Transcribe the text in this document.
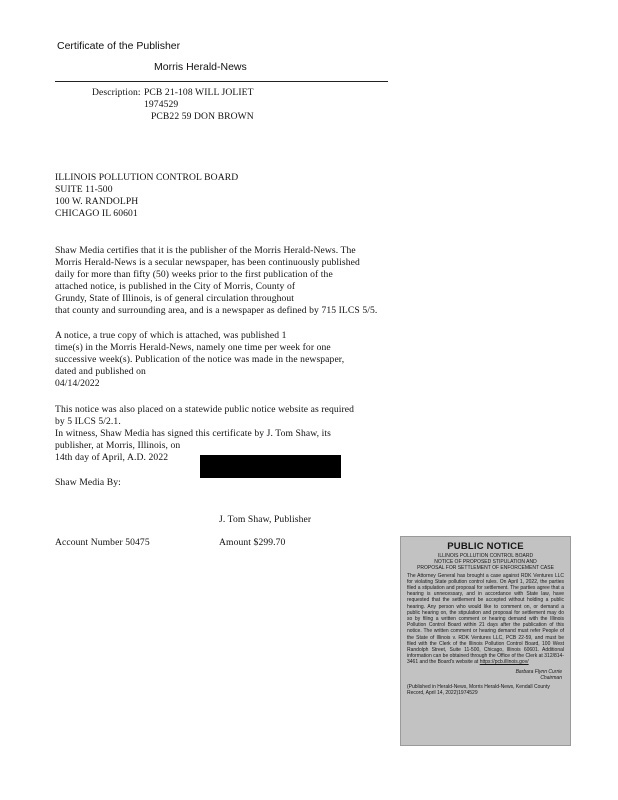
Certificate of the Publisher
Morris Herald-News
Description: PCB 21-108 WILL JOLIET
1974529
PCB22 59 DON BROWN
ILLINOIS POLLUTION CONTROL BOARD
SUITE 11-500
100 W. RANDOLPH
CHICAGO IL 60601
Shaw Media certifies that it is the publisher of the Morris Herald-News. The
Morris Herald-News is a secular newspaper, has been continuously published
daily for more than fifty (50) weeks prior to the first publication of the
attached notice, is published in the City of Morris, County of
Grundy, State of Illinois, is of general circulation throughout
that county and surrounding area, and is a newspaper as defined by 715 ILCS 5/5.
A notice, a true copy of which is attached, was published 1
time(s) in the Morris Herald-News, namely one time per week for one
successive week(s). Publication of the notice was made in the newspaper,
dated and published on
04/14/2022
This notice was also placed on a statewide public notice website as required
by 5 ILCS 5/2.1.
In witness, Shaw Media has signed this certificate by J. Tom Shaw, its
publisher, at Morris, Illinois, on
14th day of April, A.D. 2022
Shaw Media By:
J. Tom Shaw, Publisher
Account Number 50475	Amount $299.70	PUBLIC NOTICE
ILLINOIS POLLUTION CONTROL BOARD
NOTICE OF PROPOSED STIPULATION AND
PROPOSAL FOR SETTLEMENT OF ENFORCEMENT CASE
The Attorney General has brought a case against RDK Ventures LLC for violating State pollution control rules. On April 1, 2022, the parties filed a stipulation and proposal for settlement. The parties agree that a hearing is unnecessary, and in accordance with State law, have requested that the settlement be accepted without holding a public hearing. Any person who would like to comment on, or demand a public hearing on, the stipulation and proposal for settlement may do so by filing a written comment or hearing demand with the Illinois Pollution Control Board within 21 days after the publication of this notice. The written comment or hearing demand must refer People of the State of Illinois v. RDK Ventures LLC, PCB 22-59, and must be filed with the Clerk of the Illinois Pollution Control Board, 100 West Randolph Street, Suite 11-500, Chicago, Illinois 60601. Additional information can be obtained through the Office of the Clerk at 312/814-3461 and the Board's website at https://pcb.illinois.gov/
Barbara Flynn Currie
Chairman
(Published in Herald-News, Morris Herald-News, Kendall County Record, April 14, 2022)1974529
